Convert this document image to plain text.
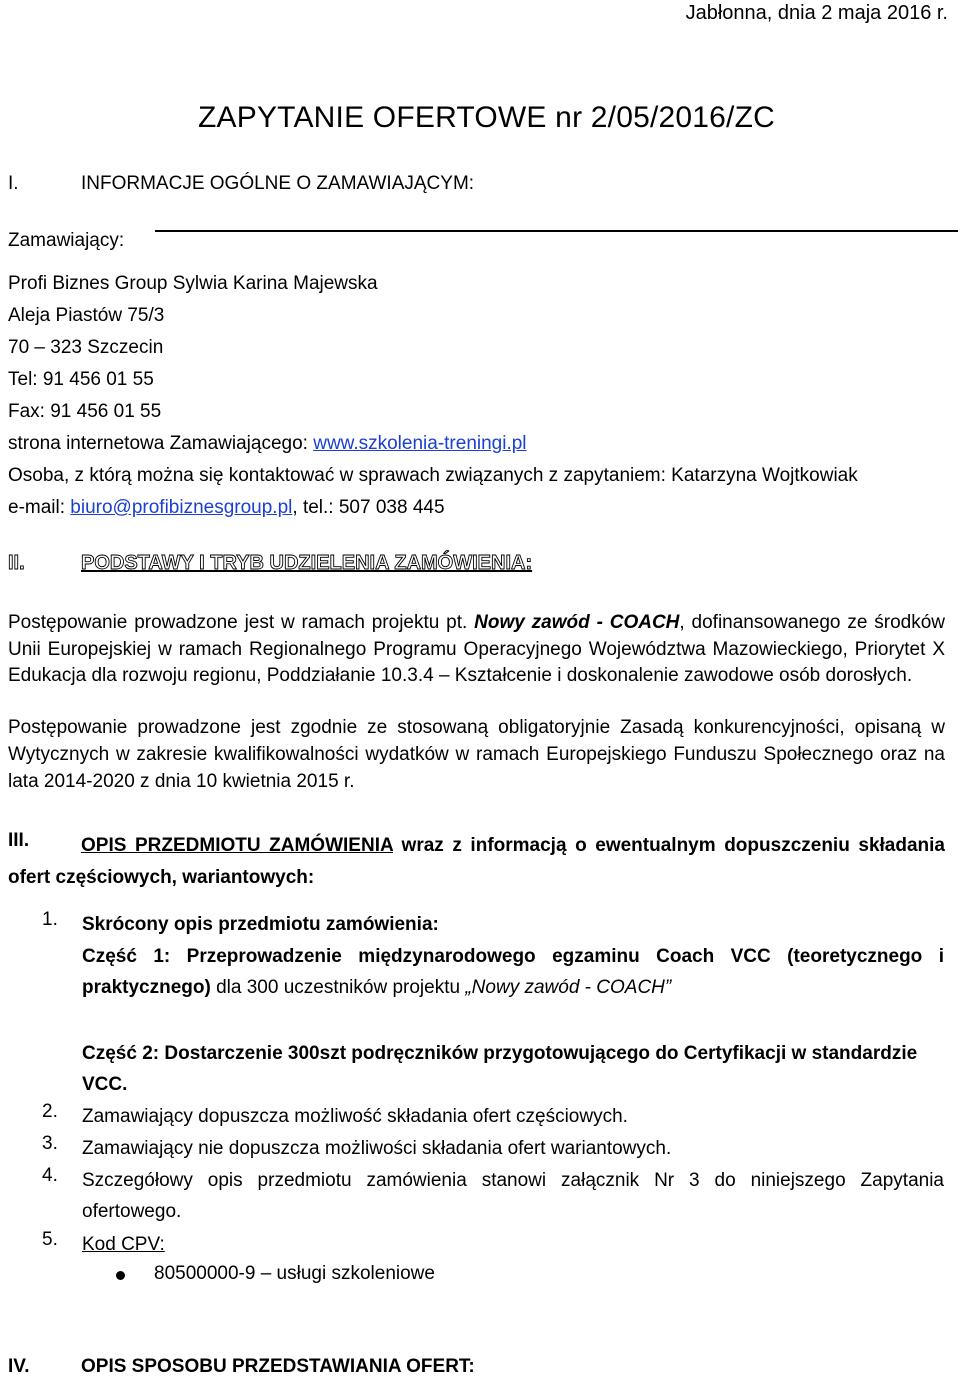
Jabłonna, dnia 2 maja 2016 r.
ZAPYTANIE OFERTOWE nr 2/05/2016/ZC
I.	INFORMACJE OGÓLNE O ZAMAWIAJĄCYM:
Zamawiający:
Profi Biznes Group Sylwia Karina Majewska
Aleja Piastów 75/3
70 – 323 Szczecin
Tel: 91 456 01 55
Fax: 91 456 01 55
strona internetowa Zamawiającego: www.szkolenia-treningi.pl
Osoba, z którą można się kontaktować w sprawach związanych z zapytaniem: Katarzyna Wojtkowiak
e-mail: biuro@profibiznesgroup.pl, tel.: 507 038 445
II.	PODSTAWY I TRYB UDZIELENIA ZAMÓWIENIA:
Postępowanie prowadzone jest w ramach projektu pt. Nowy zawód - COACH, dofinansowanego ze środków Unii Europejskiej w ramach Regionalnego Programu Operacyjnego Województwa Mazowieckiego, Priorytet X Edukacja dla rozwoju regionu, Poddziałanie 10.3.4 – Kształcenie i doskonalenie zawodowe osób dorosłych.
Postępowanie prowadzone jest zgodnie ze stosowaną obligatoryjnie Zasadą konkurencyjności, opisaną w Wytycznych w zakresie kwalifikowalności wydatków w ramach Europejskiego Funduszu Społecznego oraz na lata 2014-2020 z dnia 10 kwietnia 2015 r.
III.	OPIS PRZEDMIOTU ZAMÓWIENIA wraz z informacją o ewentualnym dopuszczeniu składania ofert częściowych, wariantowych:
1. Skrócony opis przedmiotu zamówienia:
Część 1: Przeprowadzenie międzynarodowego egzaminu Coach VCC (teoretycznego i praktycznego) dla 300 uczestników projektu „Nowy zawód - COACH”
Część 2: Dostarczenie 300szt podręczników przygotowującego do Certyfikacji w standardzie VCC.
2. Zamawiający dopuszcza możliwość składania ofert częściowych.
3. Zamawiający nie dopuszcza możliwości składania ofert wariantowych.
4. Szczegółowy opis przedmiotu zamówienia stanowi załącznik Nr 3 do niniejszego Zapytania ofertowego.
5. Kod CPV:
80500000-9 – usługi szkoleniowe
IV.	OPIS SPOSOBU PRZEDSTAWIANIA OFERT:
